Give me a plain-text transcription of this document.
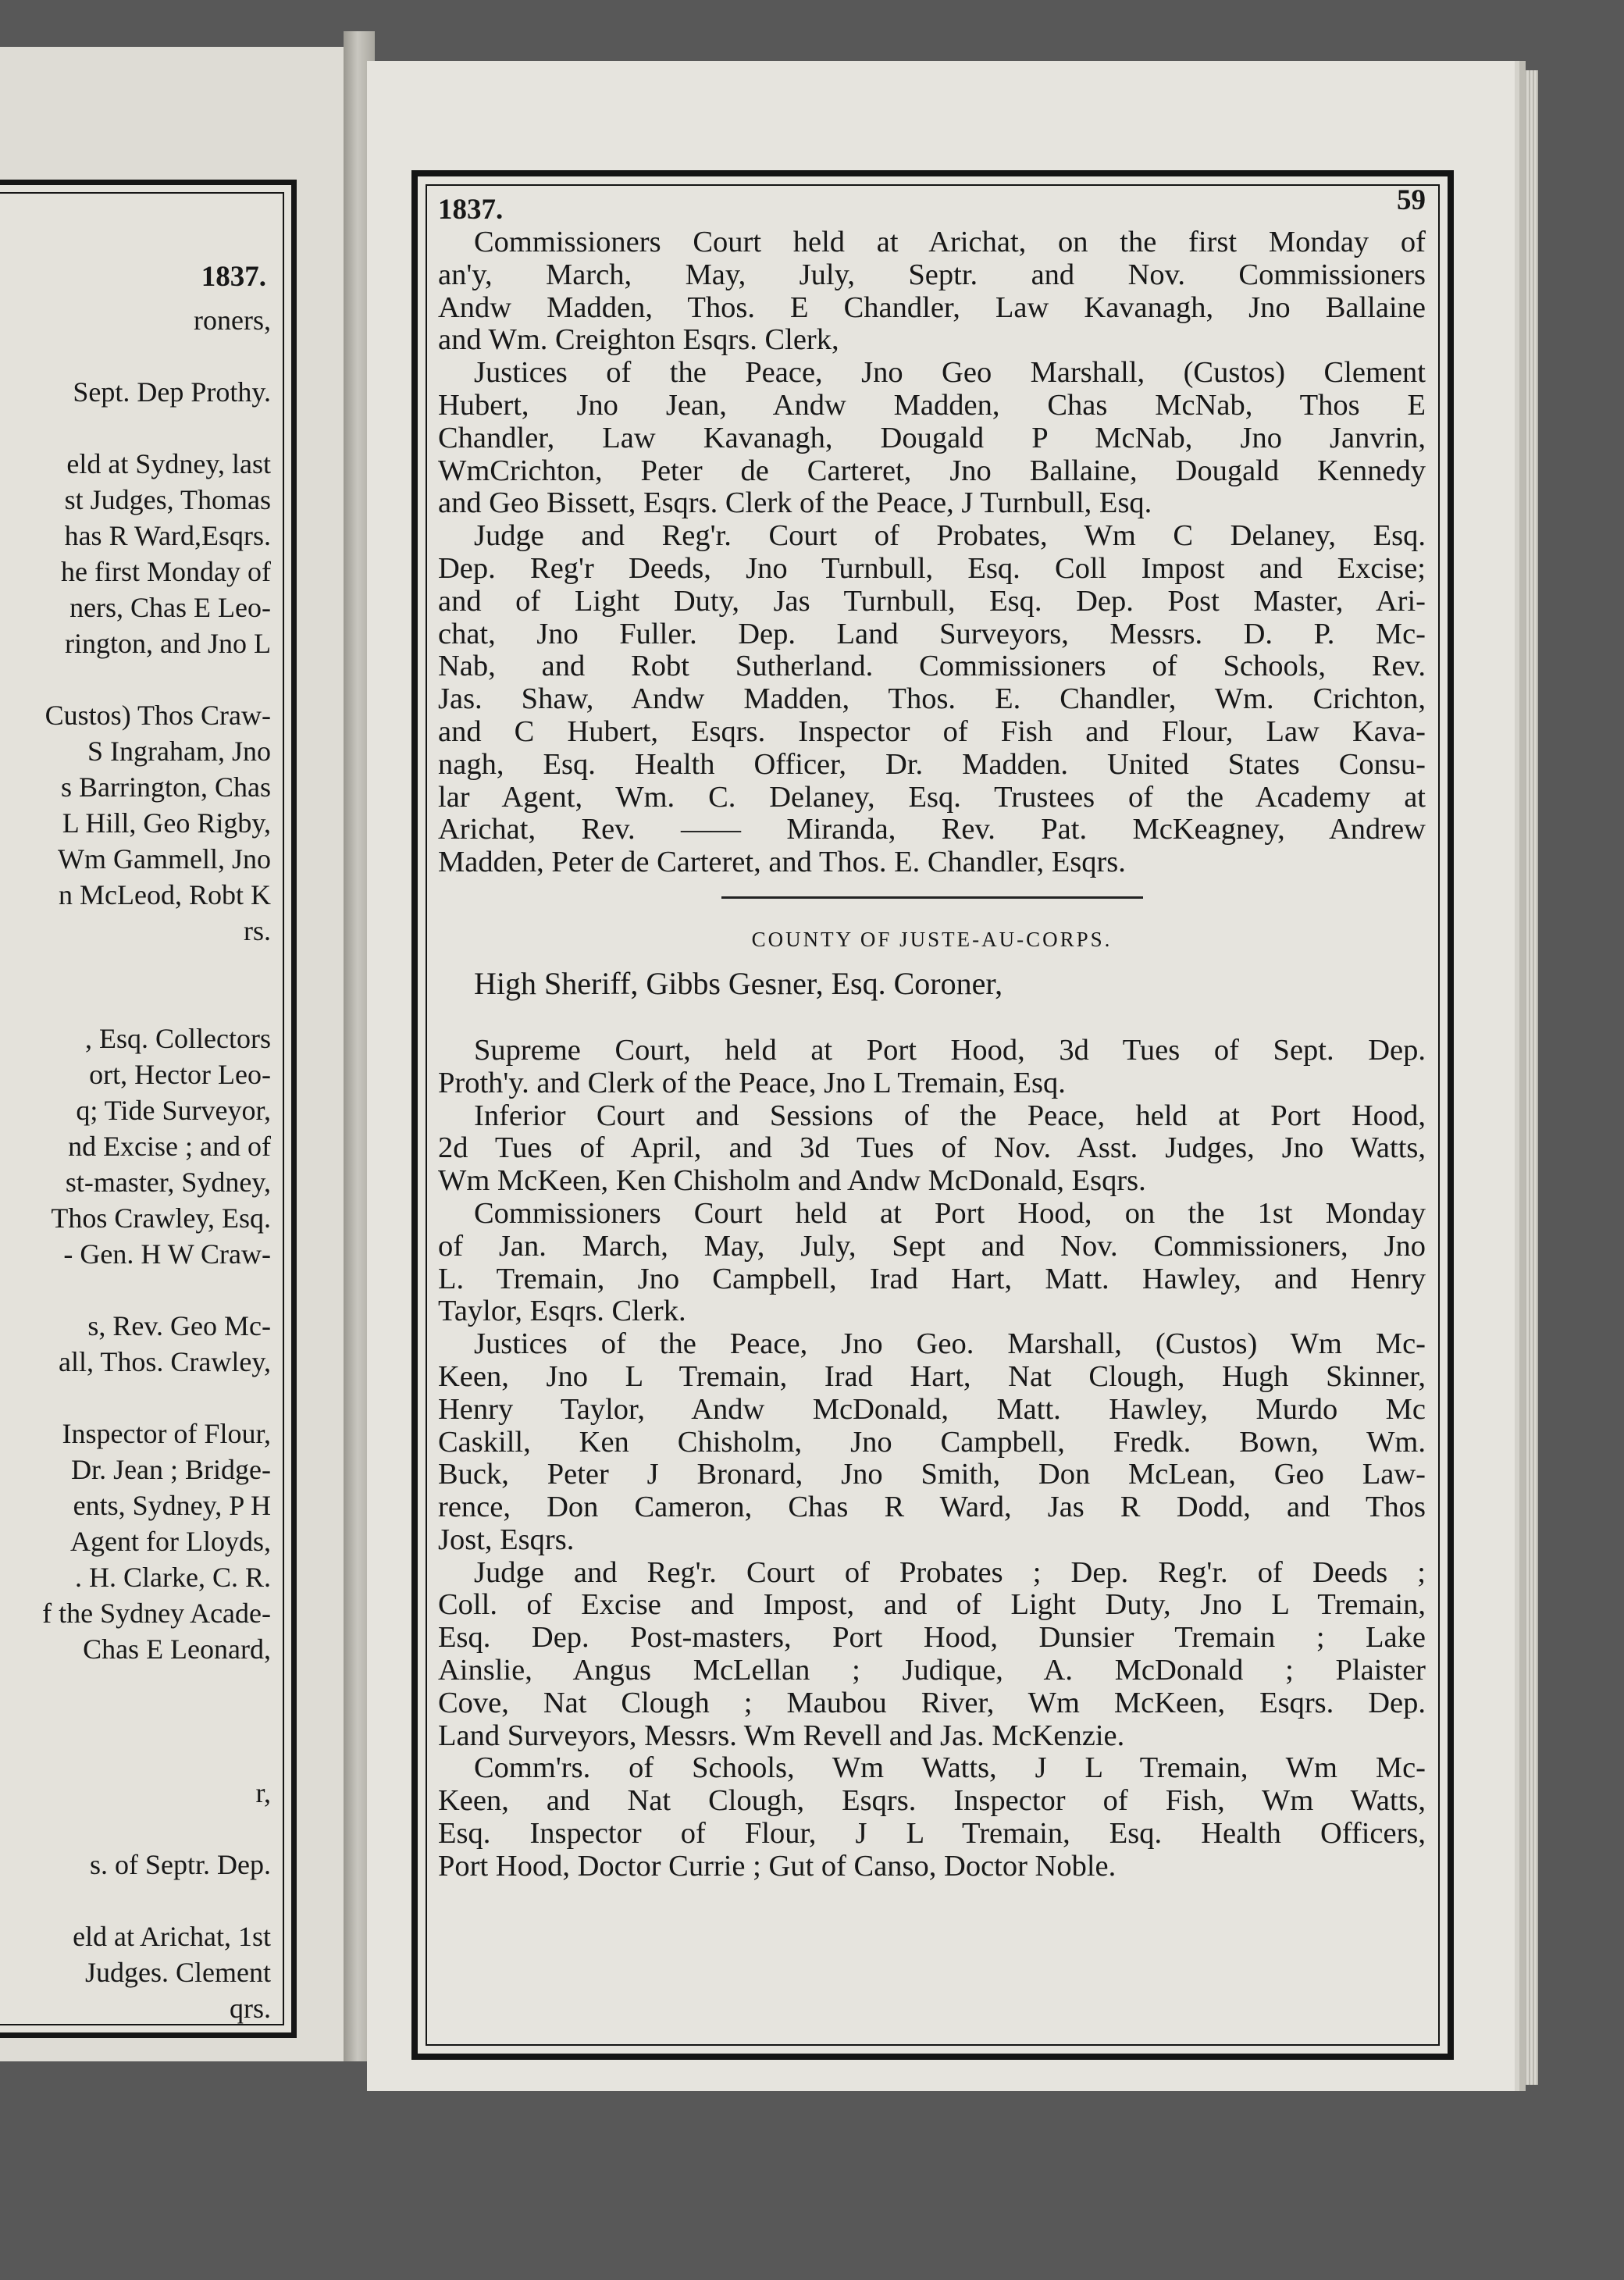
1837.
roners,
Sept. Dep Prothy.
eld at Sydney, last
st Judges, Thomas
has R Ward,Esqrs.
he first Monday of
ners, Chas E Leo-
rington, and Jno L
Custos) Thos Craw-
S Ingraham, Jno
s Barrington, Chas
L Hill, Geo Rigby,
Wm Gammell, Jno
n McLeod, Robt K
rs.
, Esq. Collectors
ort, Hector Leo-
q; Tide Surveyor,
nd Excise ; and of
st-master, Sydney,
Thos Crawley, Esq.
- Gen. H W Craw-
s, Rev. Geo Mc-
all, Thos. Crawley,
Inspector of Flour,
Dr. Jean ; Bridge-
ents, Sydney, P H
Agent for Lloyds,
. H. Clarke, C. R.
f the Sydney Acade-
Chas E Leonard,
r,
s. of Septr. Dep.
eld at Arichat, 1st
Judges. Clement
qrs.
1837.	59
Commissioners Court held at Arichat, on the first Monday of
an'y, March, May, July, Septr. and Nov. Commissioners
Andw Madden, Thos. E Chandler, Law Kavanagh, Jno Ballaine
and Wm. Creighton Esqrs. Clerk,
Justices of the Peace, Jno Geo Marshall, (Custos) Clement
Hubert, Jno Jean, Andw Madden, Chas McNab, Thos E
Chandler, Law Kavanagh, Dougald P McNab, Jno Janvrin,
WmCrichton, Peter de Carteret, Jno Ballaine, Dougald Kennedy
and Geo Bissett, Esqrs. Clerk of the Peace, J Turnbull, Esq.
Judge and Reg'r. Court of Probates, Wm C Delaney, Esq.
Dep. Reg'r Deeds, Jno Turnbull, Esq. Coll Impost and Excise;
and of Light Duty, Jas Turnbull, Esq. Dep. Post Master, Ari-
chat, Jno Fuller. Dep. Land Surveyors, Messrs. D. P. Mc-
Nab, and Robt Sutherland. Commissioners of Schools, Rev.
Jas. Shaw, Andw Madden, Thos. E. Chandler, Wm. Crichton,
and C Hubert, Esqrs. Inspector of Fish and Flour, Law Kava-
nagh, Esq. Health Officer, Dr. Madden. United States Consu-
lar Agent, Wm. C. Delaney, Esq. Trustees of the Academy at
Arichat, Rev. —— Miranda, Rev. Pat. McKeagney, Andrew
Madden, Peter de Carteret, and Thos. E. Chandler, Esqrs.
COUNTY OF JUSTE-AU-CORPS.
High Sheriff, Gibbs Gesner, Esq. Coroner,
Supreme Court, held at Port Hood, 3d Tues of Sept. Dep.
Proth'y. and Clerk of the Peace, Jno L Tremain, Esq.
Inferior Court and Sessions of the Peace, held at Port Hood,
2d Tues of April, and 3d Tues of Nov. Asst. Judges, Jno Watts,
Wm McKeen, Ken Chisholm and Andw McDonald, Esqrs.
Commissioners Court held at Port Hood, on the 1st Monday
of Jan. March, May, July, Sept and Nov. Commissioners, Jno
L. Tremain, Jno Campbell, Irad Hart, Matt. Hawley, and Henry
Taylor, Esqrs. Clerk.
Justices of the Peace, Jno Geo. Marshall, (Custos) Wm Mc-
Keen, Jno L Tremain, Irad Hart, Nat Clough, Hugh Skinner,
Henry Taylor, Andw McDonald, Matt. Hawley, Murdo Mc
Caskill, Ken Chisholm, Jno Campbell, Fredk. Bown, Wm.
Buck, Peter J Bronard, Jno Smith, Don McLean, Geo Law-
rence, Don Cameron, Chas R Ward, Jas R Dodd, and Thos
Jost, Esqrs.
Judge and Reg'r. Court of Probates ; Dep. Reg'r. of Deeds ;
Coll. of Excise and Impost, and of Light Duty, Jno L Tremain,
Esq. Dep. Post-masters, Port Hood, Dunsier Tremain ; Lake
Ainslie, Angus McLellan ; Judique, A. McDonald ; Plaister
Cove, Nat Clough ; Maubou River, Wm McKeen, Esqrs. Dep.
Land Surveyors, Messrs. Wm Revell and Jas. McKenzie.
Comm'rs. of Schools, Wm Watts, J L Tremain, Wm Mc-
Keen, and Nat Clough, Esqrs. Inspector of Fish, Wm Watts,
Esq. Inspector of Flour, J L Tremain, Esq. Health Officers,
Port Hood, Doctor Currie ; Gut of Canso, Doctor Noble.
